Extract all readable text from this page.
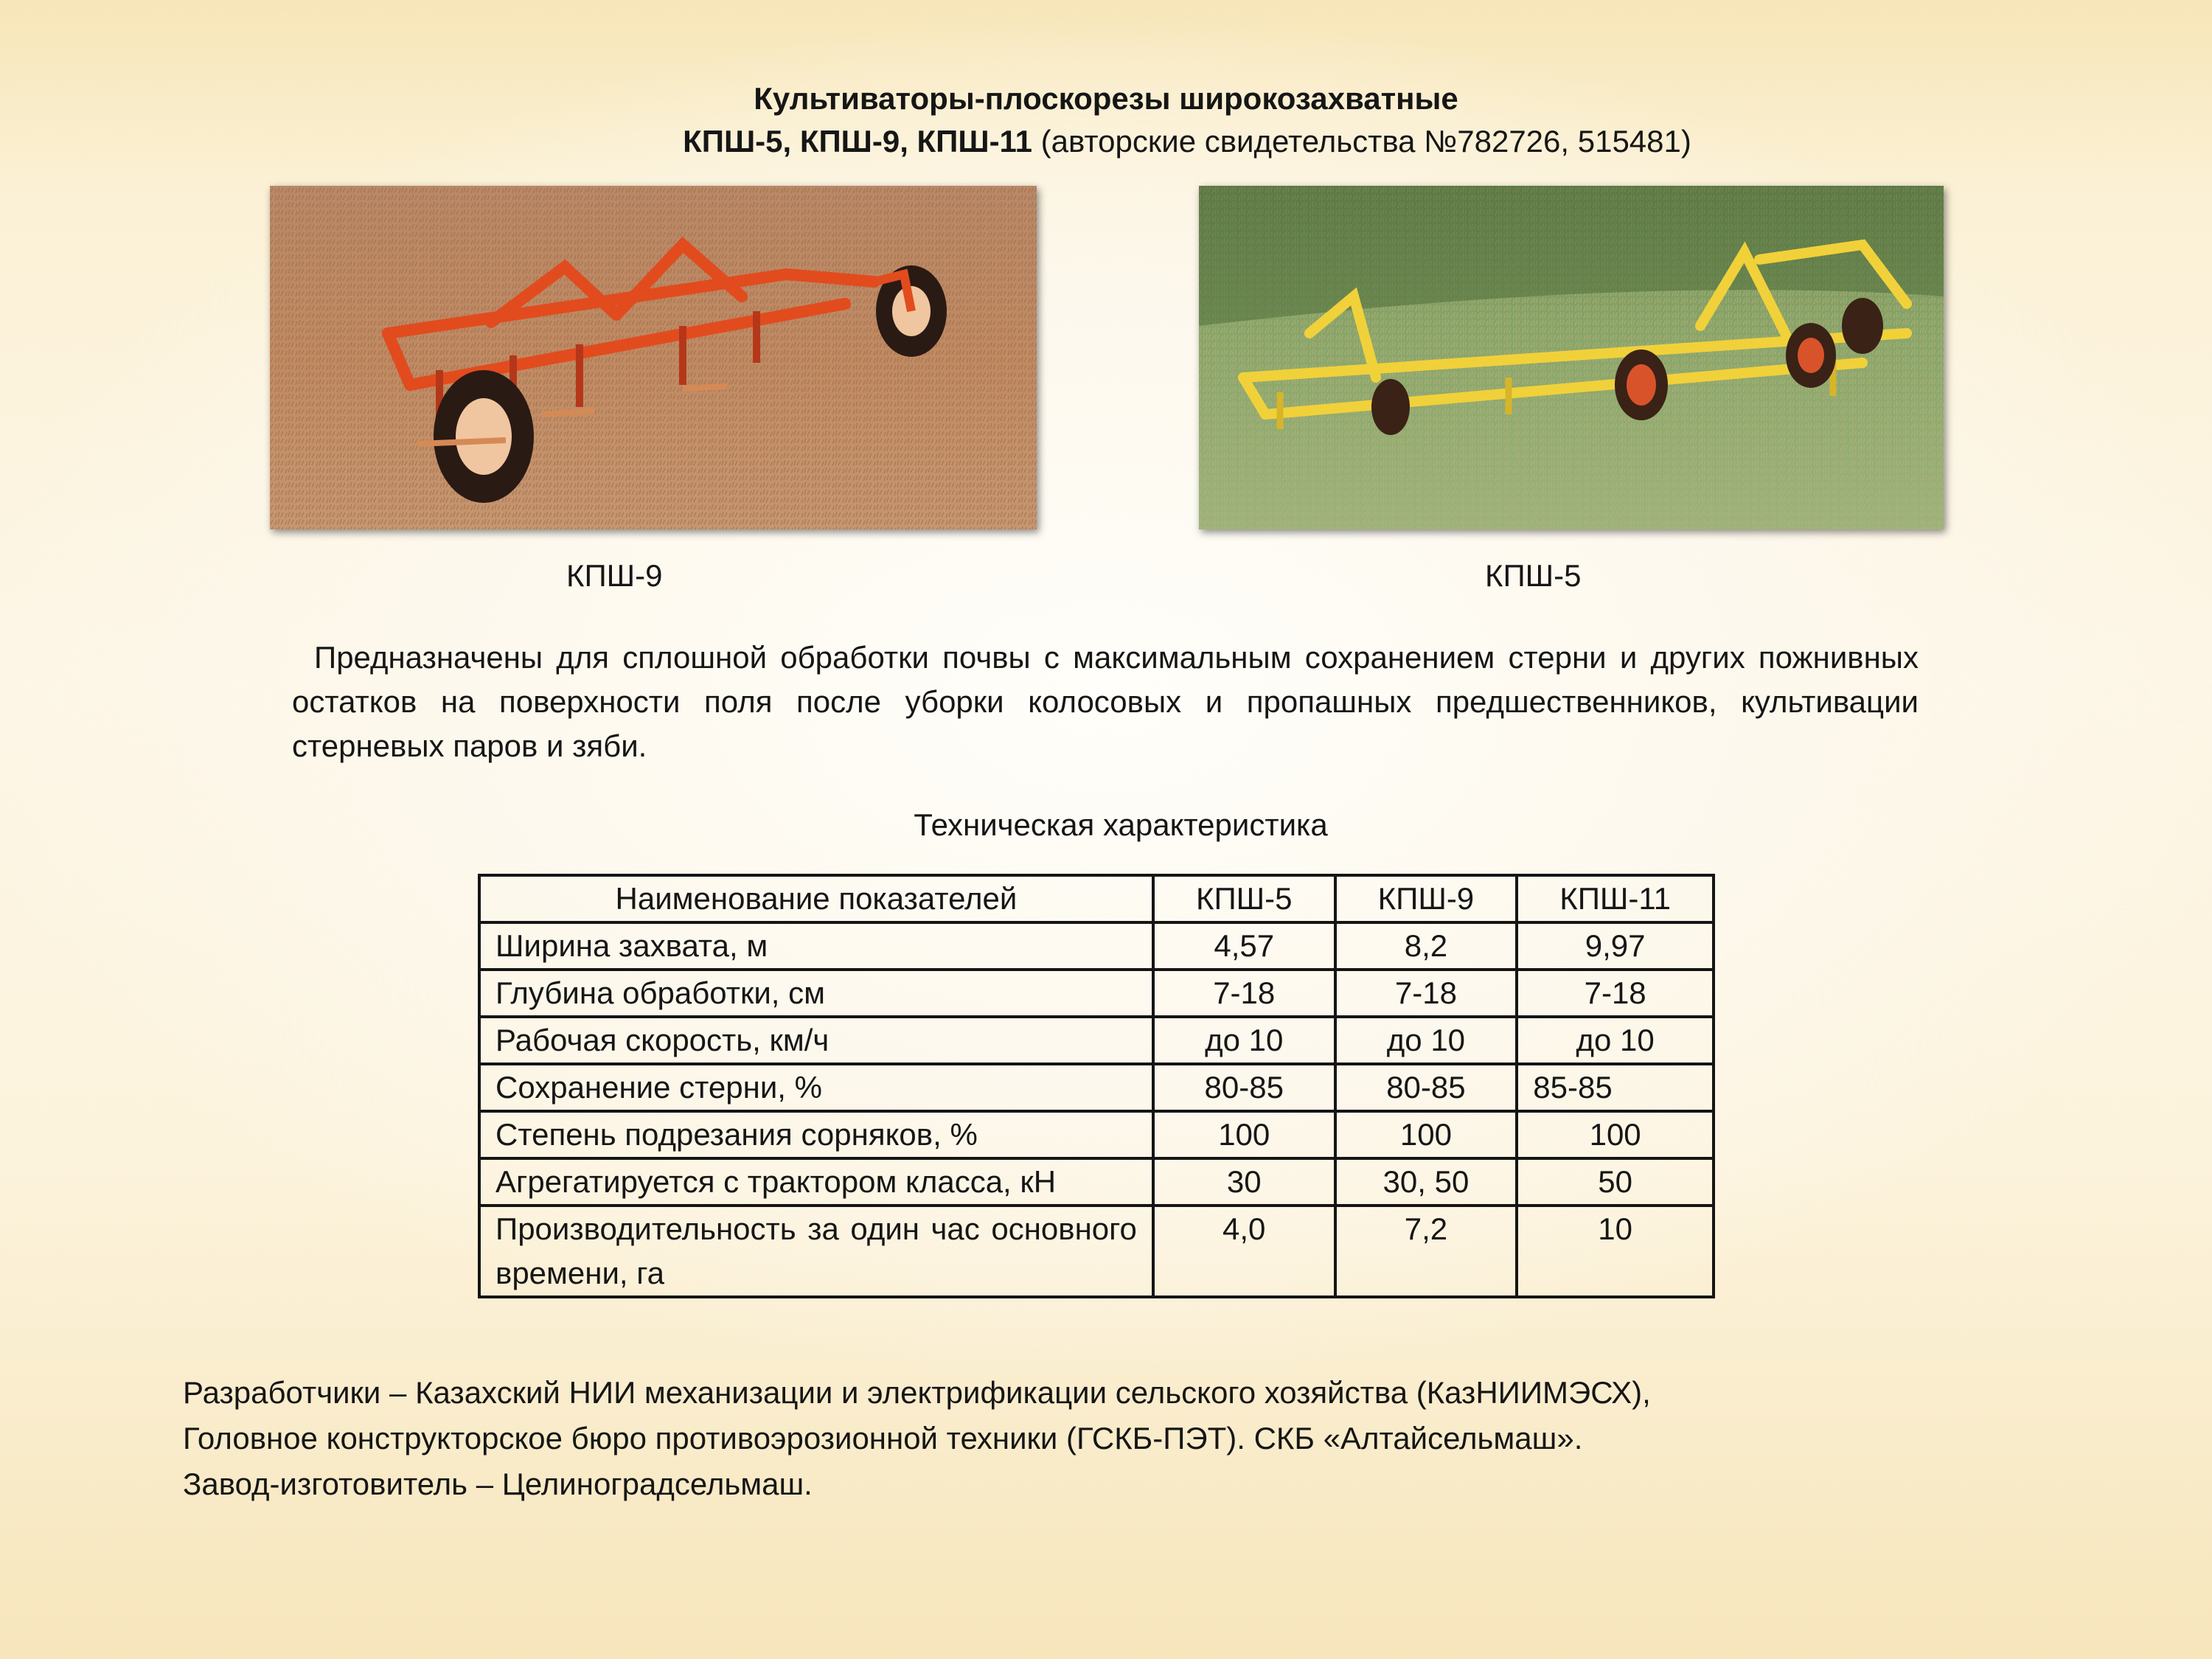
Культиваторы-плоскорезы широкозахватные
КПШ-5, КПШ-9, КПШ-11 (авторские свидетельства №782726, 515481)
КПШ-9	КПШ-5
Предназначены для сплошной обработки почвы с максимальным сохранением стерни и других пожнивных остатков на поверхности поля после уборки колосовых и пропашных предшественников, культивации стерневых паров и зяби.
Техническая характеристика
Наименование показателей	КПШ-5	КПШ-9	КПШ-11
Ширина захвата, м	4,57	8,2	9,97
Глубина обработки, см	7-18	7-18	7-18
Рабочая скорость, км/ч	до 10	до 10	до 10
Сохранение стерни, %	80-85	80-85	85-85
Степень подрезания сорняков, %	100	100	100
Агрегатируется с трактором класса, кН	30	30, 50	50
Производительность за один час основного времени, га	4,0	7,2	10
Разработчики – Казахский НИИ механизации и электрификации сельского хозяйства (КазНИИМЭСХ),
Головное конструкторское бюро противоэрозионной техники (ГСКБ-ПЭТ). СКБ «Алтайсельмаш».
Завод-изготовитель – Целиноградсельмаш.
